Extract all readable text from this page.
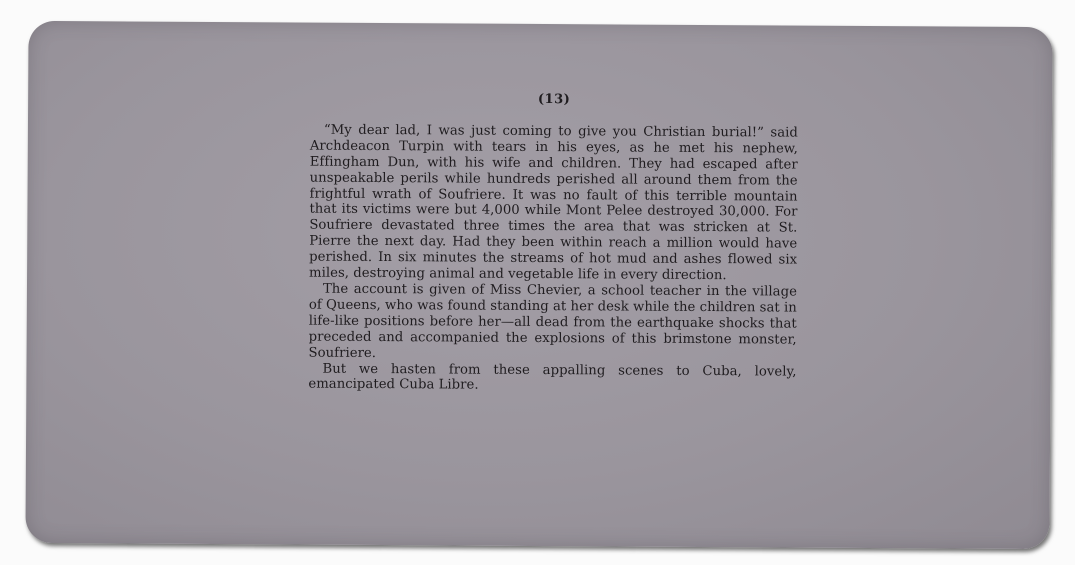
(13)

“My dear lad, I was just coming to give you Christian burial!” said Archdeacon Turpin with tears in his eyes, as he met his nephew, Effingham Dun, with his wife and children. They had escaped after unspeakable perils while hundreds perished all around them from the frightful wrath of Soufriere. It was no fault of this terrible mountain that its victims were but 4,000 while Mont Pelee destroyed 30,000. For Soufriere devastated three times the area that was stricken at St. Pierre the next day. Had they been within reach a million would have perished. In six minutes the streams of hot mud and ashes flowed six miles, destroying animal and vegetable life in every direction.

The account is given of Miss Chevier, a school teacher in the village of Queens, who was found standing at her desk while the children sat in life-like positions before her—all dead from the earthquake shocks that preceded and accompanied the explosions of this brimstone monster, Soufriere.

But we hasten from these appalling scenes to Cuba, lovely, emancipated Cuba Libre.
